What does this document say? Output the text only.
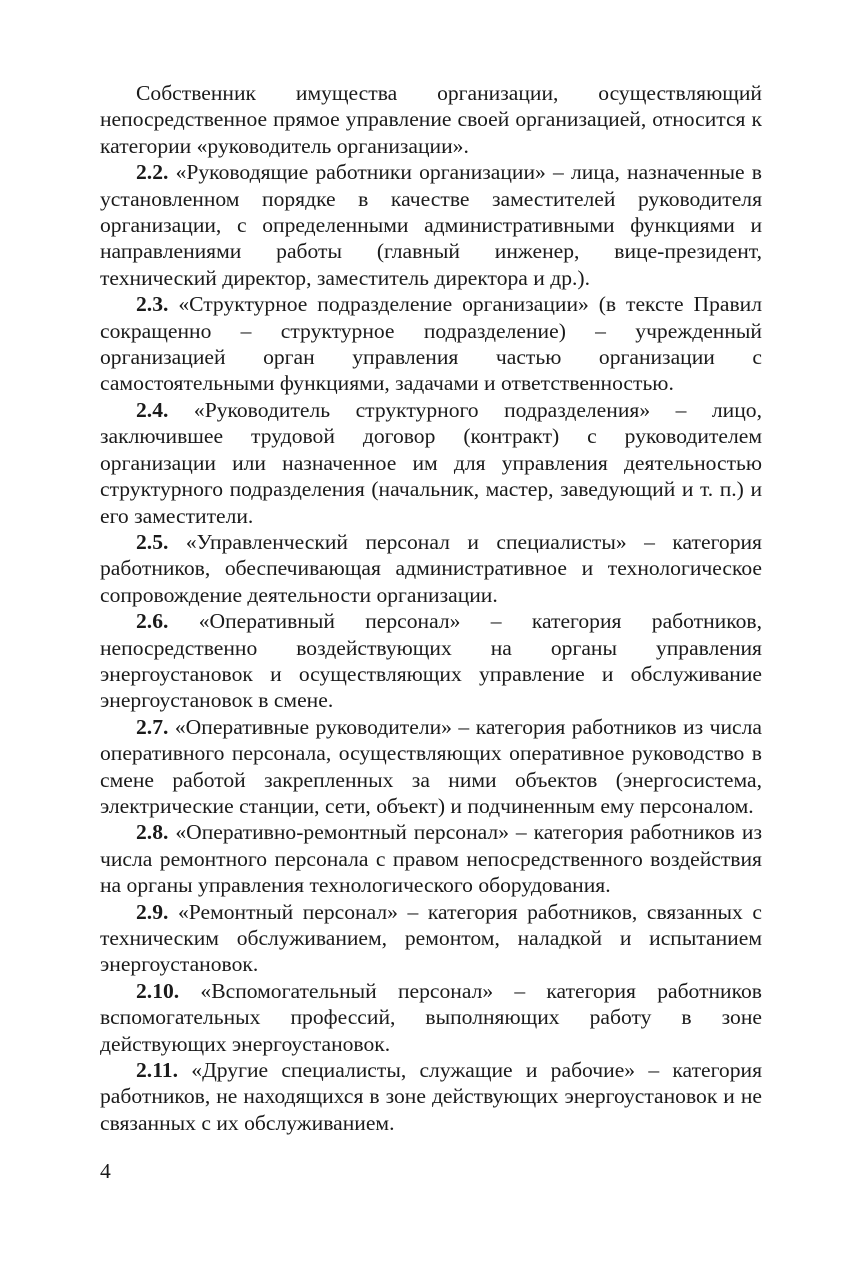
Собственник имущества организации, осуществляющий непосредственное прямое управление своей организацией, относится к категории «руководитель организации».

2.2. «Руководящие работники организации» – лица, назначенные в установленном порядке в качестве заместителей руководителя организации, с определенными административными функциями и направлениями работы (главный инженер, вице-президент, технический директор, заместитель директора и др.).

2.3. «Структурное подразделение организации» (в тексте Правил сокращенно – структурное подразделение) – учрежденный организацией орган управления частью организации с самостоятельными функциями, задачами и ответственностью.

2.4. «Руководитель структурного подразделения» – лицо, заключившее трудовой договор (контракт) с руководителем организации или назначенное им для управления деятельностью структурного подразделения (начальник, мастер, заведующий и т. п.) и его заместители.

2.5. «Управленческий персонал и специалисты» – категория работников, обеспечивающая административное и технологическое сопровождение деятельности организации.

2.6. «Оперативный персонал» – категория работников, непосредственно воздействующих на органы управления энергоустановок и осуществляющих управление и обслуживание энергоустановок в смене.

2.7. «Оперативные руководители» – категория работников из числа оперативного персонала, осуществляющих оперативное руководство в смене работой закрепленных за ними объектов (энергосистема, электрические станции, сети, объект) и подчиненным ему персоналом.

2.8. «Оперативно-ремонтный персонал» – категория работников из числа ремонтного персонала с правом непосредственного воздействия на органы управления технологического оборудования.

2.9. «Ремонтный персонал» – категория работников, связанных с техническим обслуживанием, ремонтом, наладкой и испытанием энергоустановок.

2.10. «Вспомогательный персонал» – категория работников вспомогательных профессий, выполняющих работу в зоне действующих энергоустановок.

2.11. «Другие специалисты, служащие и рабочие» – категория работников, не находящихся в зоне действующих энергоустановок и не связанных с их обслуживанием.

4
